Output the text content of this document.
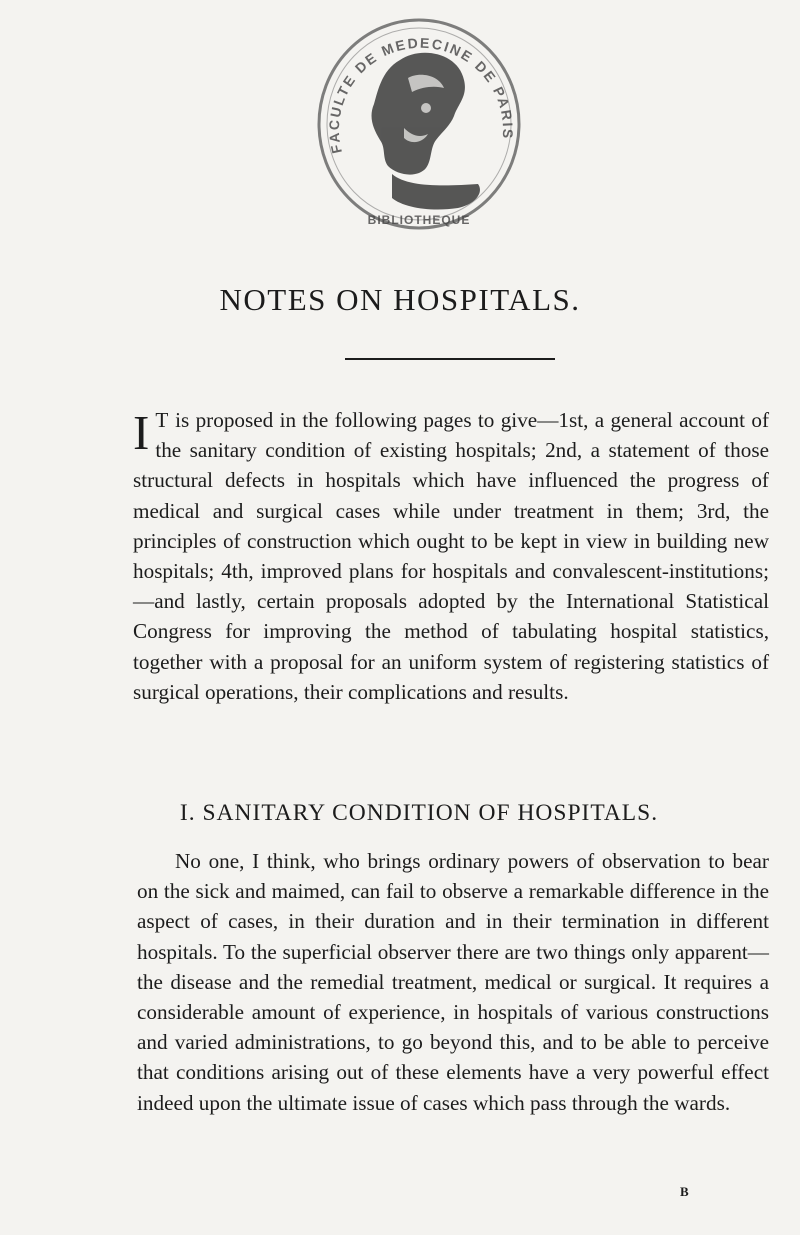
FACULTE DE MEDECINE DE PARIS
BIBLIOTHEQUE
NOTES ON HOSPITALS.
I T is proposed in the following pages to give—1st, a general account of the sanitary condition of existing hospitals; 2nd, a statement of those structural defects in hospitals which have influenced the progress of medical and surgical cases while under treatment in them; 3rd, the principles of construction which ought to be kept in view in building new hospitals; 4th, improved plans for hospitals and convalescent-institutions;—and lastly, certain proposals adopted by the International Statistical Congress for improving the method of tabulating hospital statistics, together with a proposal for an uniform system of registering statistics of surgical operations, their complications and results.
I. SANITARY CONDITION OF HOSPITALS.
No one, I think, who brings ordinary powers of observation to bear on the sick and maimed, can fail to observe a remarkable difference in the aspect of cases, in their duration and in their termination in different hospitals. To the superficial observer there are two things only apparent—the disease and the remedial treatment, medical or surgical. It requires a considerable amount of experience, in hospitals of various constructions and varied administrations, to go beyond this, and to be able to perceive that conditions arising out of these elements have a very powerful effect indeed upon the ultimate issue of cases which pass through the wards.
B
